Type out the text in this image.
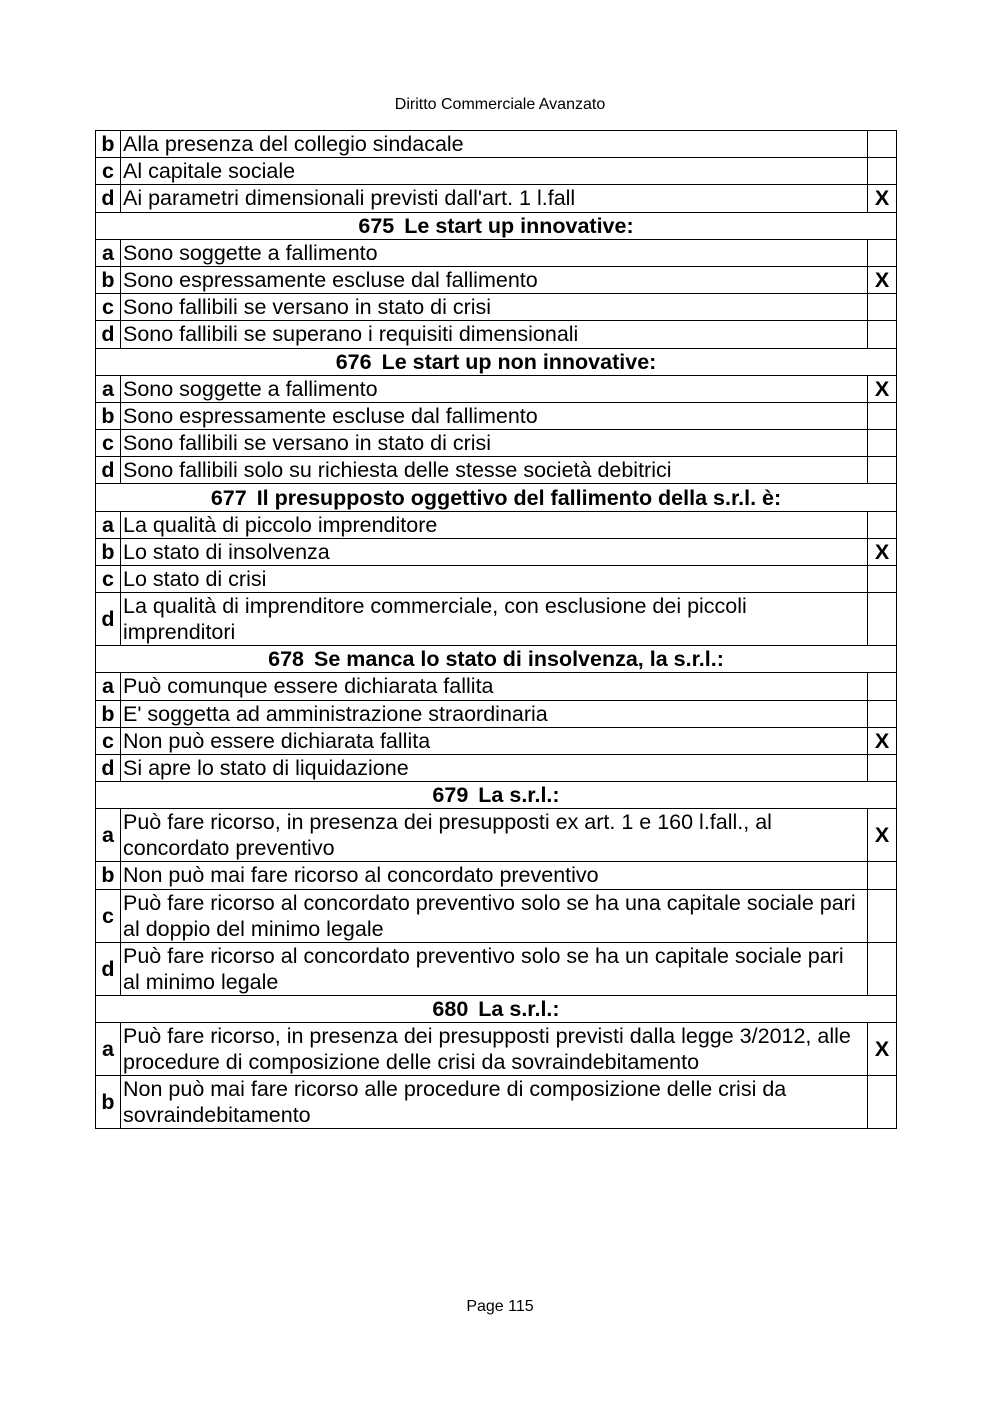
Diritto Commerciale Avanzato
b	Alla presenza del collegio sindacale	
c	Al capitale sociale	
d	Ai parametri dimensionali previsti dall'art. 1 l.fall	X
675 Le start up innovative:		
a	Sono soggette a fallimento	
b	Sono espressamente escluse dal fallimento	X
c	Sono fallibili se versano in stato di crisi	
d	Sono fallibili se superano i requisiti dimensionali	
676 Le start up non innovative:		
a	Sono soggette a fallimento	X
b	Sono espressamente escluse dal fallimento	
c	Sono fallibili se versano in stato di crisi	
d	Sono fallibili solo su richiesta delle stesse società debitrici	
677 Il presupposto oggettivo del fallimento della s.r.l. è:		
a	La qualità di piccolo imprenditore	
b	Lo stato di insolvenza	X
c	Lo stato di crisi	
d	La qualità di imprenditore commerciale, con esclusione dei piccoli imprenditori	
678 Se manca lo stato di insolvenza, la s.r.l.:		
a	Può comunque essere dichiarata fallita	
b	E' soggetta ad amministrazione straordinaria	
c	Non può essere dichiarata fallita	X
d	Si apre lo stato di liquidazione	
679 La s.r.l.:		
a	Può fare ricorso, in presenza dei presupposti ex art. 1 e 160 l.fall., al concordato preventivo	X
b	Non può mai fare ricorso al concordato preventivo	
c	Può fare ricorso al concordato preventivo solo se ha una capitale sociale pari al doppio del minimo legale	
d	Può fare ricorso al concordato preventivo solo se ha un capitale sociale pari al minimo legale	
680 La s.r.l.:		
a	Può fare ricorso, in presenza dei presupposti previsti dalla legge 3/2012, alle procedure di composizione delle crisi da sovraindebitamento	X
b	Non può mai fare ricorso alle procedure di composizione delle crisi da sovraindebitamento	
Page 115
